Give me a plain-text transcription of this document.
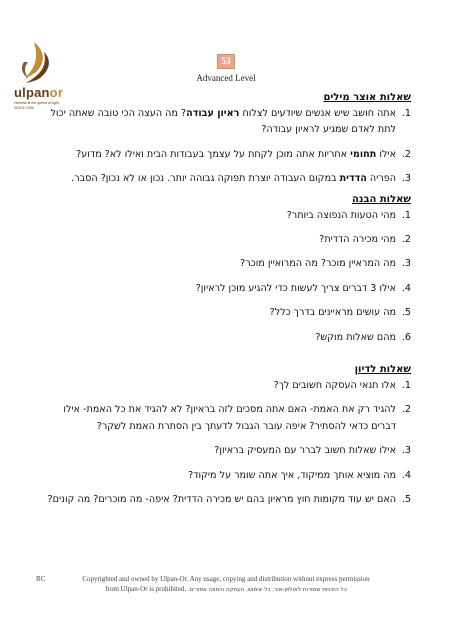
ulpanor
Hebrew at the speed of light
SINCE 1995
53
Advanced Level
שאלות אוצר מילים
1.
אתה חושב שיש אנשים שיודעים לצלוח ראיון עבודה? מה העצה הכי טובה שאתה יכול לתת לאדם שמגיע לראיון עבודה?
2.
אילו תחומי אחריות אתה מוכן לקחת על עצמך בעבודות הבית ואילו לא? מדוע?
3.
הפריה הדדית במקום העבודה יוצרת תפוקה גבוהה יותר. נכון או לא נכון? הסבר.
שאלות הבנה
1.
מהי הטעות הנפוצה ביותר?
2.
מהי מכירה הדדית?
3.
מה המראיין מוכר? מה המרואיין מוכר?
4.
אילו 3 דברים צריך לעשות כדי להגיע מוכן לראיון?
5.
מה עושים מראיינים בדרך כלל?
6.
מהם שאלות מוקש?
שאלות לדיון
1.
אלו תנאי העסקה חשובים לך?
2.
להגיד רק את האמת- האם אתה מסכים לזה בראיון? לא להגיד את כל האמת- אילו דברים כדאי להסתיר? איפה עובר הגבול לדעתך בין הסתרת האמת לשקר?
3.
אילו שאלות חשוב לברר עם המעסיק בראיון?
4.
מה מוציא אותך ממיקוד, איך אתה שומר על מיקוד?
5.
האם יש עוד מקומות חוץ מראיון בהם יש מכירה הדדית? איפה- מה מוכרים? מה קונים?
RC	Copyrighted and owned by Ulpan-Or. Any usage, copying and distribution without express permission
from Ulpan-Or is prohibited. כל הזכויות שמורות לאולפן-אור. כל שימוש, העתקה והפצה אסורים.
